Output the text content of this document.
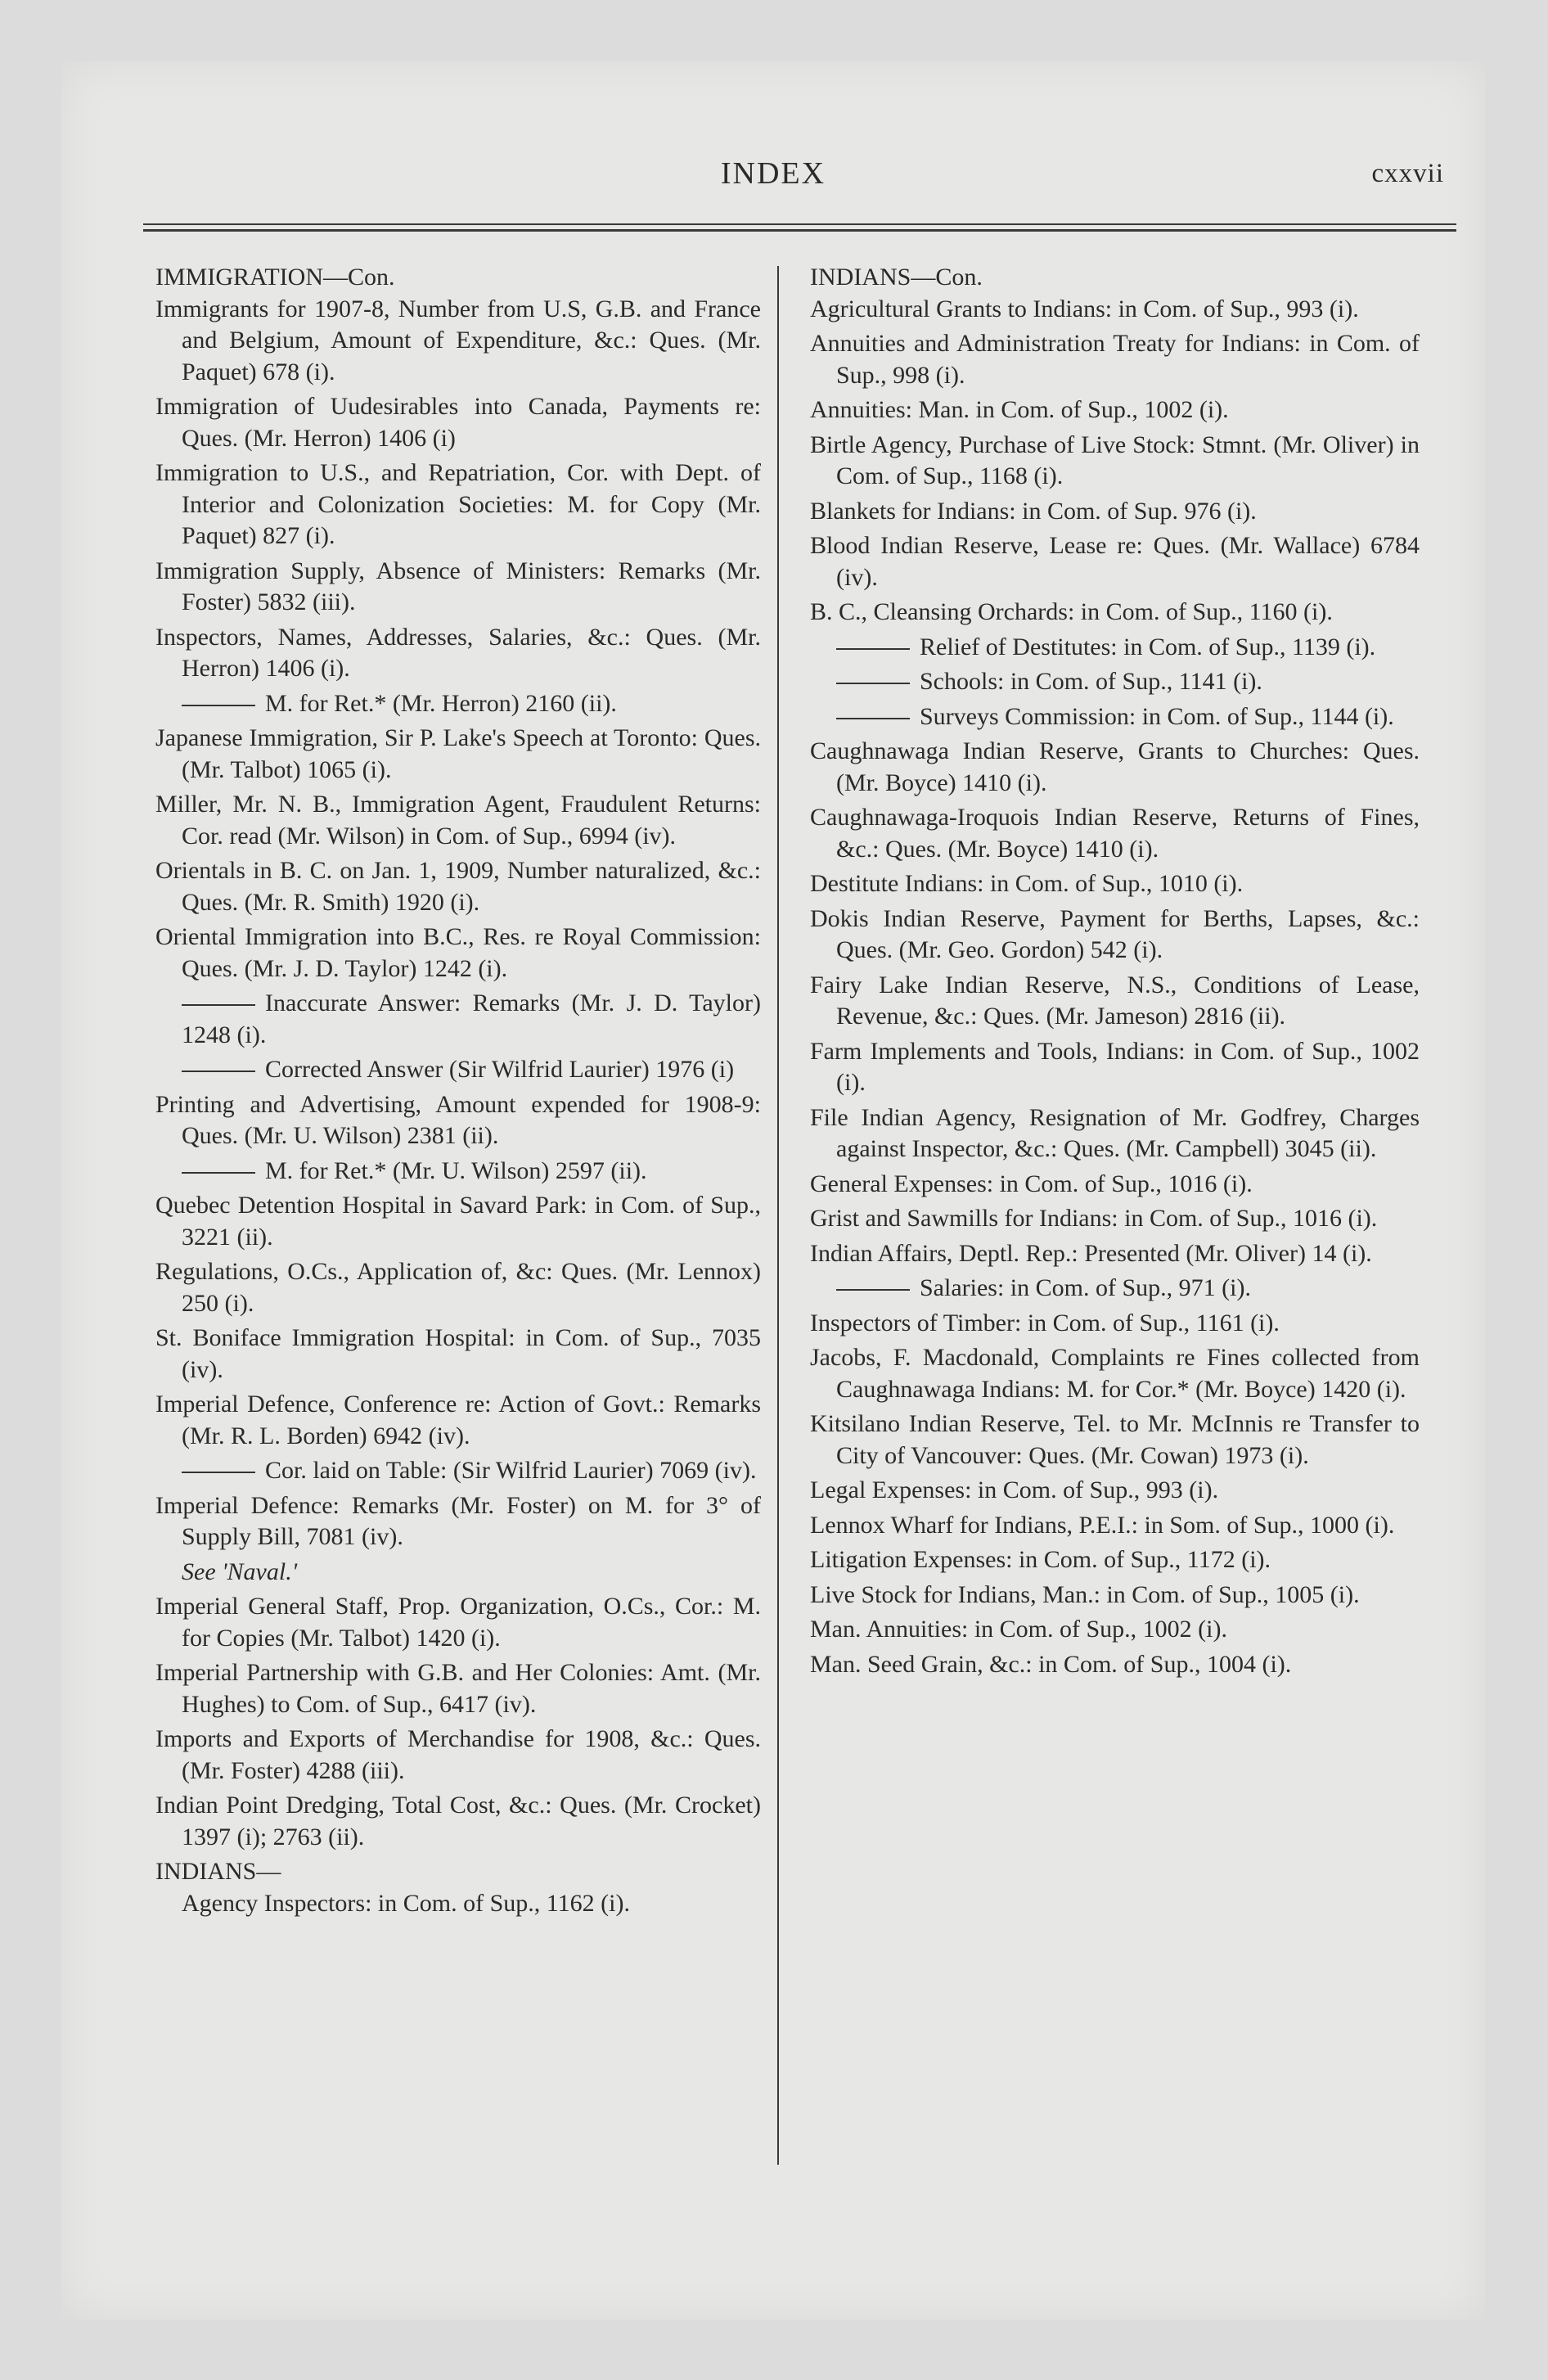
INDEX	cxxvii

IMMIGRATION—Con.

Immigrants for 1907-8, Number from U.S, G.B. and France and Belgium, Amount of Expenditure, &c.: Ques. (Mr. Paquet) 678 (i).

Immigration of Uudesirables into Canada, Payments re: Ques. (Mr. Herron) 1406 (i)

Immigration to U.S., and Repatriation, Cor. with Dept. of Interior and Colonization Societies: M. for Copy (Mr. Paquet) 827 (i).

Immigration Supply, Absence of Ministers: Remarks (Mr. Foster) 5832 (iii).

Inspectors, Names, Addresses, Salaries, &c.: Ques. (Mr. Herron) 1406 (i).

M. for Ret.* (Mr. Herron) 2160 (ii).

Japanese Immigration, Sir P. Lake's Speech at Toronto: Ques. (Mr. Talbot) 1065 (i).

Miller, Mr. N. B., Immigration Agent, Fraudulent Returns: Cor. read (Mr. Wilson) in Com. of Sup., 6994 (iv).

Orientals in B. C. on Jan. 1, 1909, Number naturalized, &c.: Ques. (Mr. R. Smith) 1920 (i).

Oriental Immigration into B.C., Res. re Royal Commission: Ques. (Mr. J. D. Taylor) 1242 (i).

Inaccurate Answer: Remarks (Mr. J. D. Taylor) 1248 (i).

Corrected Answer (Sir Wilfrid Laurier) 1976 (i)

Printing and Advertising, Amount expended for 1908-9: Ques. (Mr. U. Wilson) 2381 (ii).

M. for Ret.* (Mr. U. Wilson) 2597 (ii).

Quebec Detention Hospital in Savard Park: in Com. of Sup., 3221 (ii).

Regulations, O.Cs., Application of, &c: Ques. (Mr. Lennox) 250 (i).

St. Boniface Immigration Hospital: in Com. of Sup., 7035 (iv).

Imperial Defence, Conference re: Action of Govt.: Remarks (Mr. R. L. Borden) 6942 (iv).

Cor. laid on Table: (Sir Wilfrid Laurier) 7069 (iv).

Imperial Defence: Remarks (Mr. Foster) on M. for 3° of Supply Bill, 7081 (iv).

See 'Naval.'

Imperial General Staff, Prop. Organization, O.Cs., Cor.: M. for Copies (Mr. Talbot) 1420 (i).

Imperial Partnership with G.B. and Her Colonies: Amt. (Mr. Hughes) to Com. of Sup., 6417 (iv).

Imports and Exports of Merchandise for 1908, &c.: Ques. (Mr. Foster) 4288 (iii).

Indian Point Dredging, Total Cost, &c.: Ques. (Mr. Crocket) 1397 (i); 2763 (ii).

INDIANS—

Agency Inspectors: in Com. of Sup., 1162 (i).

INDIANS—Con.

Agricultural Grants to Indians: in Com. of Sup., 993 (i).

Annuities and Administration Treaty for Indians: in Com. of Sup., 998 (i).

Annuities: Man. in Com. of Sup., 1002 (i).

Birtle Agency, Purchase of Live Stock: Stmnt. (Mr. Oliver) in Com. of Sup., 1168 (i).

Blankets for Indians: in Com. of Sup. 976 (i).

Blood Indian Reserve, Lease re: Ques. (Mr. Wallace) 6784 (iv).

B. C., Cleansing Orchards: in Com. of Sup., 1160 (i).

Relief of Destitutes: in Com. of Sup., 1139 (i).

Schools: in Com. of Sup., 1141 (i).

Surveys Commission: in Com. of Sup., 1144 (i).

Caughnawaga Indian Reserve, Grants to Churches: Ques. (Mr. Boyce) 1410 (i).

Caughnawaga-Iroquois Indian Reserve, Returns of Fines, &c.: Ques. (Mr. Boyce) 1410 (i).

Destitute Indians: in Com. of Sup., 1010 (i).

Dokis Indian Reserve, Payment for Berths, Lapses, &c.: Ques. (Mr. Geo. Gordon) 542 (i).

Fairy Lake Indian Reserve, N.S., Conditions of Lease, Revenue, &c.: Ques. (Mr. Jameson) 2816 (ii).

Farm Implements and Tools, Indians: in Com. of Sup., 1002 (i).

File Indian Agency, Resignation of Mr. Godfrey, Charges against Inspector, &c.: Ques. (Mr. Campbell) 3045 (ii).

General Expenses: in Com. of Sup., 1016 (i).

Grist and Sawmills for Indians: in Com. of Sup., 1016 (i).

Indian Affairs, Deptl. Rep.: Presented (Mr. Oliver) 14 (i).

Salaries: in Com. of Sup., 971 (i).

Inspectors of Timber: in Com. of Sup., 1161 (i).

Jacobs, F. Macdonald, Complaints re Fines collected from Caughnawaga Indians: M. for Cor.* (Mr. Boyce) 1420 (i).

Kitsilano Indian Reserve, Tel. to Mr. McInnis re Transfer to City of Vancouver: Ques. (Mr. Cowan) 1973 (i).

Legal Expenses: in Com. of Sup., 993 (i).

Lennox Wharf for Indians, P.E.I.: in Som. of Sup., 1000 (i).

Litigation Expenses: in Com. of Sup., 1172 (i).

Live Stock for Indians, Man.: in Com. of Sup., 1005 (i).

Man. Annuities: in Com. of Sup., 1002 (i).

Man. Seed Grain, &c.: in Com. of Sup., 1004 (i).
